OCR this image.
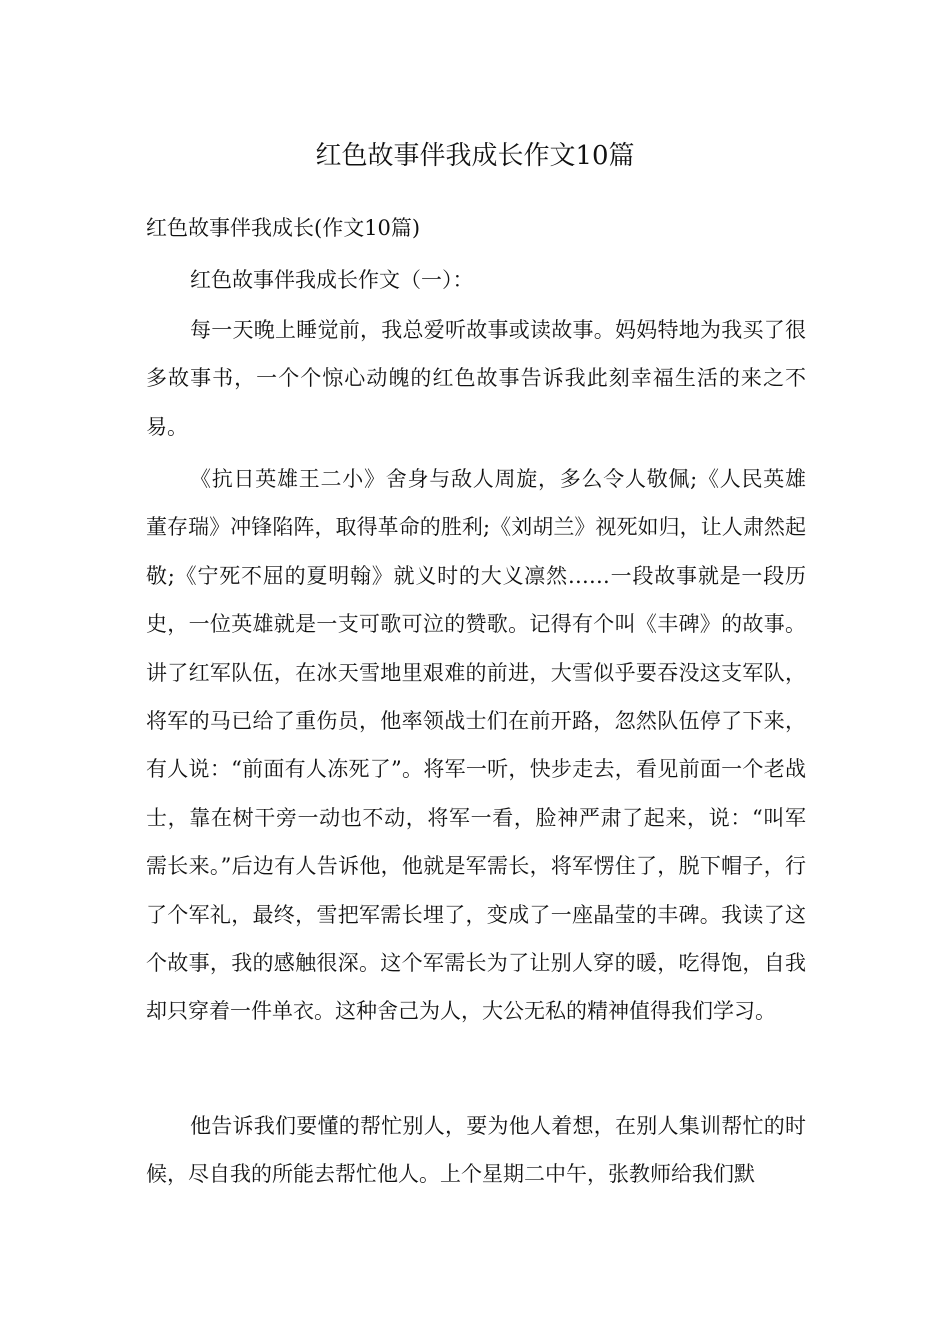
红色故事伴我成长作文10篇

红色故事伴我成长(作文10篇)

红色故事伴我成长作文（一）：

每一天晚上睡觉前，我总爱听故事或读故事。妈妈特地为我买了很多故事书，一个个惊心动魄的红色故事告诉我此刻幸福生活的来之不易。

《抗日英雄王二小》舍身与敌人周旋，多么令人敬佩;《人民英雄董存瑞》冲锋陷阵，取得革命的胜利;《刘胡兰》视死如归，让人肃然起敬;《宁死不屈的夏明翰》就义时的大义凛然……一段故事就是一段历史，一位英雄就是一支可歌可泣的赞歌。记得有个叫《丰碑》的故事。讲了红军队伍，在冰天雪地里艰难的前进，大雪似乎要吞没这支军队，将军的马已给了重伤员，他率领战士们在前开路，忽然队伍停了下来，有人说：“前面有人冻死了”。将军一听，快步走去，看见前面一个老战士，靠在树干旁一动也不动，将军一看，脸神严肃了起来，说：“叫军需长来。”后边有人告诉他，他就是军需长，将军愣住了，脱下帽子，行了个军礼，最终，雪把军需长埋了，变成了一座晶莹的丰碑。我读了这个故事，我的感触很深。这个军需长为了让别人穿的暖，吃得饱，自我却只穿着一件单衣。这种舍己为人，大公无私的精神值得我们学习。

他告诉我们要懂的帮忙别人，要为他人着想，在别人集训帮忙的时候，尽自我的所能去帮忙他人。上个星期二中午，张教师给我们默
